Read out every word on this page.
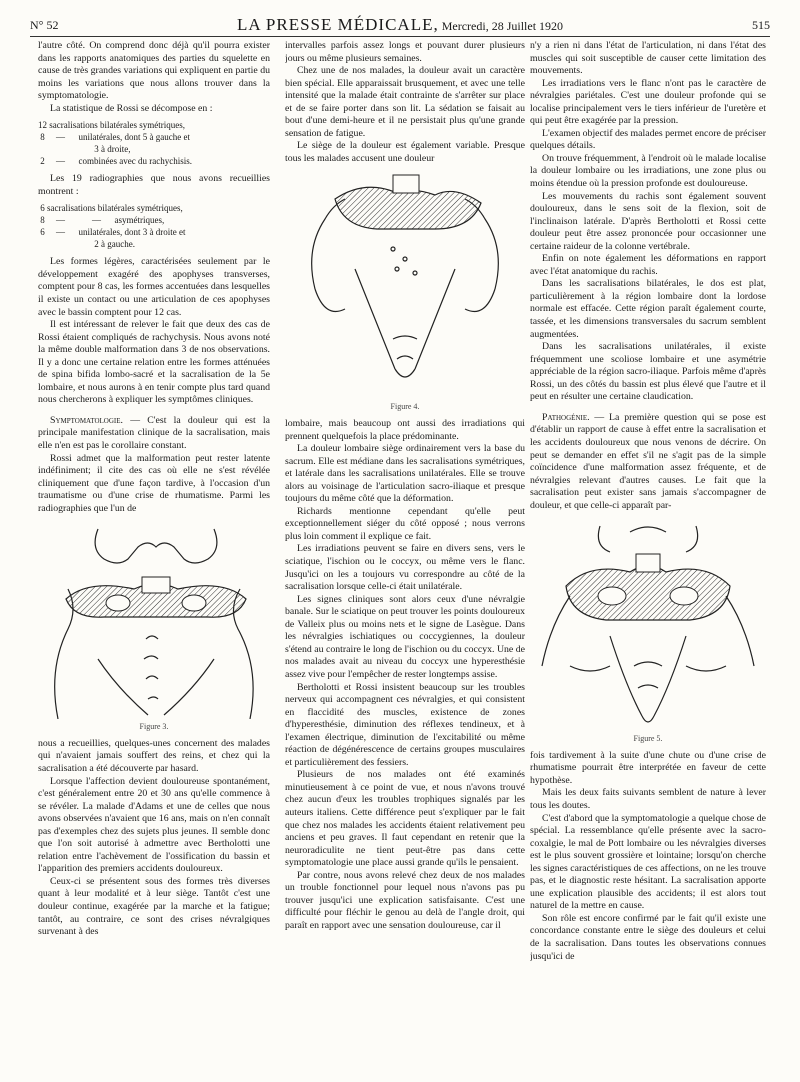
N° 52	LA PRESSE MÉDICALE, Mercredi, 28 Juillet 1920	515

l'autre côté. On comprend donc déjà qu'il pourra exister dans les rapports anatomiques des parties du squelette en cause de très grandes variations qui expliquent en partie du moins les variations que nous allons trouver dans la symptomatologie.

La statistique de Rossi se décompose en :

12 sacralisations bilatérales symétriques,
8     —      unilatérales, dont 5 à gauche et
3 à droite,
2     —      combinées avec du rachychisis.

Les 19 radiographies que nous avons recueillies montrent :

6 sacralisations bilatérales symétriques,
8     —            —      asymétriques,
6     —      unilatérales, dont 3 à droite et
2 à gauche.

Les formes légères, caractérisées seulement par le développement exagéré des apophyses transverses, comptent pour 8 cas, les formes accentuées dans lesquelles il existe un contact ou une articulation de ces apophyses avec le bassin comptent pour 12 cas.

Il est intéressant de relever le fait que deux des cas de Rossi étaient compliqués de rachychysis. Nous avons noté la même double malformation dans 3 de nos observations. Il y a donc une certaine relation entre les formes atténuées de spina bifida lombo-sacré et la sacralisation de la 5e lombaire, et nous aurons à en tenir compte plus tard quand nous chercherons à expliquer les symptômes cliniques.

Symptomatologie. — C'est la douleur qui est la principale manifestation clinique de la sacralisation, mais elle n'en est pas le corollaire constant.

Rossi admet que la malformation peut rester latente indéfiniment; il cite des cas où elle ne s'est révélée cliniquement que d'une façon tardive, à l'occasion d'un traumatisme ou d'une crise de rhumatisme. Parmi les radiographies que l'un de

Figure 3.

nous a recueillies, quelques-unes concernent des malades qui n'avaient jamais souffert des reins, et chez qui la sacralisation a été découverte par hasard.

Lorsque l'affection devient douloureuse spontanément, c'est généralement entre 20 et 30 ans qu'elle commence à se révéler. La malade d'Adams et une de celles que nous avons observées n'avaient que 16 ans, mais on n'en connaît pas d'exemples chez des sujets plus jeunes. Il semble donc que l'on soit autorisé à admettre avec Bertholotti une relation entre l'achèvement de l'ossification du bassin et l'apparition des premiers accidents douloureux.

Ceux-ci se présentent sous des formes très diverses quant à leur modalité et à leur siège. Tantôt c'est une douleur continue, exagérée par la marche et la fatigue; tantôt, au contraire, ce sont des crises névralgiques survenant à des

intervalles parfois assez longs et pouvant durer plusieurs jours ou même plusieurs semaines.

Chez une de nos malades, la douleur avait un caractère bien spécial. Elle apparaissait brusquement, et avec une telle intensité que la malade était contrainte de s'arrêter sur place et de se faire porter dans son lit. La sédation se faisait au bout d'une demi-heure et il ne persistait plus qu'une grande sensation de fatigue.

Le siège de la douleur est également variable. Presque tous les malades accusent une douleur

Figure 4.

lombaire, mais beaucoup ont aussi des irradiations qui prennent quelquefois la place prédominante.

La douleur lombaire siège ordinairement vers la base du sacrum. Elle est médiane dans les sacralisations symétriques, et latérale dans les sacralisations unilatérales. Elle se trouve alors au voisinage de l'articulation sacro-iliaque et presque toujours du même côté que la déformation.

Richards mentionne cependant qu'elle peut exceptionnellement siéger du côté opposé ; nous verrons plus loin comment il explique ce fait.

Les irradiations peuvent se faire en divers sens, vers le sciatique, l'ischion ou le coccyx, ou même vers le flanc. Jusqu'ici on les a toujours vu correspondre au côté de la sacralisation lorsque celle-ci était unilatérale.

Les signes cliniques sont alors ceux d'une névralgie banale. Sur le sciatique on peut trouver les points douloureux de Valleix plus ou moins nets et le signe de Lasègue. Dans les névralgies ischiatiques ou coccygiennes, la douleur s'étend au contraire le long de l'ischion ou du coccyx. Une de nos malades avait au niveau du coccyx une hyperesthésie assez vive pour l'empêcher de rester longtemps assise.

Bertholotti et Rossi insistent beaucoup sur les troubles nerveux qui accompagnent ces névralgies, et qui consistent en flaccidité des muscles, existence de zones d'hyperesthésie, diminution des réflexes tendineux, et à l'examen électrique, diminution de l'excitabilité ou même réaction de dégénérescence de certains groupes musculaires et particulièrement des fessiers.

Plusieurs de nos malades ont été examinés minutieusement à ce point de vue, et nous n'avons trouvé chez aucun d'eux les troubles trophiques signalés par les auteurs italiens. Cette différence peut s'expliquer par le fait que chez nos malades les accidents étaient relativement peu anciens et peu graves. Il faut cependant en retenir que la neuroradiculite ne tient peut-être pas dans cette symptomatologie une place aussi grande qu'ils le pensaient.

Par contre, nous avons relevé chez deux de nos malades un trouble fonctionnel pour lequel nous n'avons pas pu trouver jusqu'ici une explication satisfaisante. C'est une difficulté pour fléchir le genou au delà de l'angle droit, qui paraît en rapport avec une sensation douloureuse, car il

n'y a rien ni dans l'état de l'articulation, ni dans l'état des muscles qui soit susceptible de causer cette limitation des mouvements.

Les irradiations vers le flanc n'ont pas le caractère de névralgies pariétales. C'est une douleur profonde qui se localise principalement vers le tiers inférieur de l'uretère et qui peut être exagérée par la pression.

L'examen objectif des malades permet encore de préciser quelques détails.

On trouve fréquemment, à l'endroit où le malade localise la douleur lombaire ou les irradiations, une zone plus ou moins étendue où la pression profonde est douloureuse.

Les mouvements du rachis sont également souvent douloureux, dans le sens soit de la flexion, soit de l'inclinaison latérale. D'après Bertholotti et Rossi cette douleur peut être assez prononcée pour occasionner une certaine raideur de la colonne vertébrale.

Enfin on note également les déformations en rapport avec l'état anatomique du rachis.

Dans les sacralisations bilatérales, le dos est plat, particulièrement à la région lombaire dont la lordose normale est effacée. Cette région paraît également courte, tassée, et les dimensions transversales du sacrum semblent augmentées.

Dans les sacralisations unilatérales, il existe fréquemment une scoliose lombaire et une asymétrie appréciable de la région sacro-iliaque. Parfois même d'après Rossi, un des côtés du bassin est plus élevé que l'autre et il peut en résulter une certaine claudication.

Pathogénie. — La première question qui se pose est d'établir un rapport de cause à effet entre la sacralisation et les accidents douloureux que nous venons de décrire. On peut se demander en effet s'il ne s'agit pas de la simple coïncidence d'une malformation assez fréquente, et de névralgies relevant d'autres causes. Le fait que la sacralisation peut exister sans jamais s'accompagner de douleur, et que celle-ci apparaît par-

Figure 5.

fois tardivement à la suite d'une chute ou d'une crise de rhumatisme pourrait être interprétée en faveur de cette hypothèse.

Mais les deux faits suivants semblent de nature à lever tous les doutes.

C'est d'abord que la symptomatologie a quelque chose de spécial. La ressemblance qu'elle présente avec la sacro-coxalgie, le mal de Pott lombaire ou les névralgies diverses est le plus souvent grossière et lointaine; lorsqu'on cherche les signes caractéristiques de ces affections, on ne les trouve pas, et le diagnostic reste hésitant. La sacralisation apporte une explication plausible des accidents; il est alors tout naturel de la mettre en cause.

Son rôle est encore confirmé par le fait qu'il existe une concordance constante entre le siège des douleurs et celui de la sacralisation. Dans toutes les observations connues jusqu'ici de
